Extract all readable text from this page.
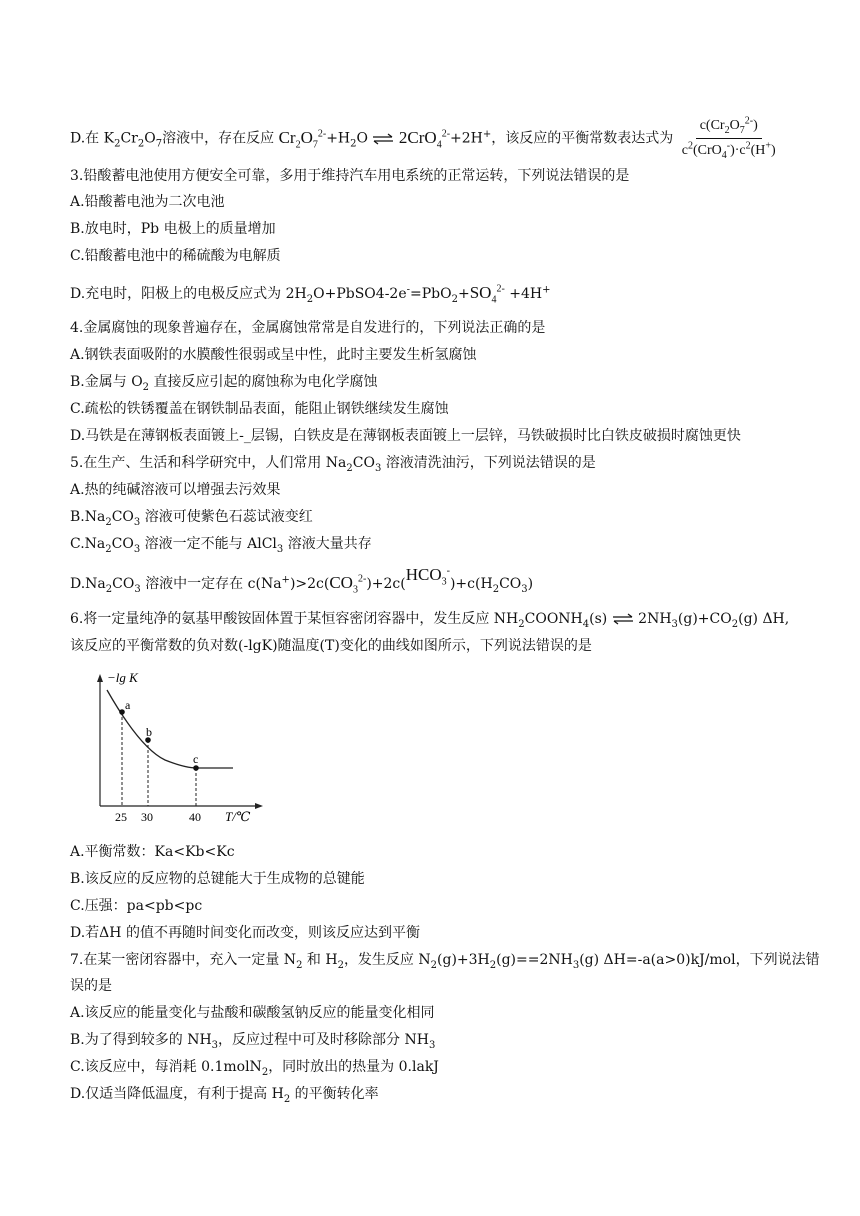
D.在 $K_2Cr_2O_7$溶液中，存在反应 $Cr_2O_7^{2-}+H_2O$ ⇌ 2CrO$_4^{2-}$+2H+，该反应的平衡常数表达式为 $\frac{c(Cr_2O_7^{2-})}{c^2(CrO_4^-)\cdot c^2(H^+)}$
3.铅酸蓄电池使用方便安全可靠，多用于维持汽车用电系统的正常运转，下列说法错误的是
A.铅酸蓄电池为二次电池
B.放电时，Pb 电极上的质量增加
C.铅酸蓄电池中的稀硫酸为电解质
D.充电时，阳极上的电极反应式为 $2H_2O+PbSO4-2e^-=PbO_2+SO_4^{2-} +4H^+$
4.金属腐蚀的现象普遍存在，金属腐蚀常常是自发进行的，下列说法正确的是
A.钢铁表面吸附的水膜酸性很弱或呈中性，此时主要发生析氢腐蚀
B.金属与 $O_2$ 直接反应引起的腐蚀称为电化学腐蚀
C.疏松的铁锈覆盖在钢铁制品表面，能阻止钢铁继续发生腐蚀
D.马铁是在薄钢板表面镀上-_层锡，白铁皮是在薄钢板表面镀上一层锌，马铁破损时比白铁皮破损时腐蚀更快
5.在生产、生活和科学研究中，人们常用 $Na_2CO_3$ 溶液清洗油污，下列说法错误的是
A.热的纯碱溶液可以增强去污效果
$B.Na_2CO_3$ 溶液可使紫色石蕊试液变红
$C.Na_2CO_3$ 溶液一定不能与 AlCl$_3$ 溶液大量共存
$D.Na_2CO_3$ 溶液中一定存在 $c(Na^+)>2c(CO_3^{2-})+2c(HCO_3^-)+c(H_2CO_3)$
6.将一定量纯净的氨基甲酸铵固体置于某恒容密闭容器中，发生反应 $NH_2COONH_4(s)$ ⇌ $2NH_3(g)+CO_2(g)$ ΔH,
该反应的平衡常数的负对数(-lgK)随温度(T)变化的曲线如图所示，下列说法错误的是
−lg K
T/℃
a
b
c
25 30	40
A.平衡常数：Ka<Kb<Kc
B.该反应的反应物的总键能大于生成物的总键能
C.压强：pa<pb<pc
D.若ΔH 的值不再随时间变化而改变，则该反应达到平衡
7.在某一密闭容器中，充入一定量 $N_2$ 和 $H_2$，发生反应 $N_2(g)+3H_2(g)==2NH_3(g)$ ΔH=-a(a>0)kJ/mol，下列说法错
误的是
A.该反应的能量变化与盐酸和碳酸氢钠反应的能量变化相同
B.为了得到较多的 $NH_3$，反应过程中可及时移除部分 $NH_3$
C.该反应中，每消耗 0.1molN$_2$，同时放出的热量为 0.lakJ
D.仅适当降低温度，有利于提高 $H_2$ 的平衡转化率
